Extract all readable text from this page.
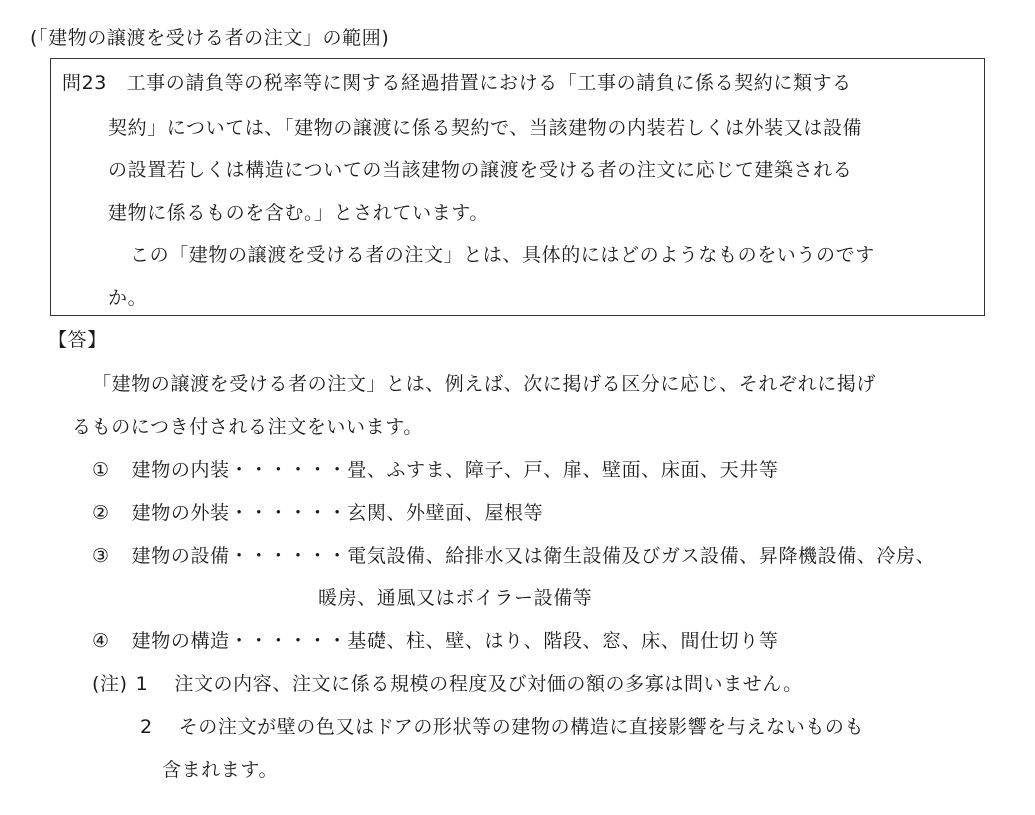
(「建物の譲渡を受ける者の注文」の範囲)
問23　工事の請負等の税率等に関する経過措置における「工事の請負に係る契約に類する
契約」については、「建物の譲渡に係る契約で、当該建物の内装若しくは外装又は設備
の設置若しくは構造についての当該建物の譲渡を受ける者の注文に応じて建築される
建物に係るものを含む。」とされています。
この「建物の譲渡を受ける者の注文」とは、具体的にはどのようなものをいうのです
か。
【答】
「建物の譲渡を受ける者の注文」とは、例えば、次に掲げる区分に応じ、それぞれに掲げ
るものにつき付される注文をいいます。
① 建物の内装・・・・・・畳、ふすま、障子、戸、扉、壁面、床面、天井等
② 建物の外装・・・・・・玄関、外壁面、屋根等
③ 建物の設備・・・・・・電気設備、給排水又は衛生設備及びガス設備、昇降機設備、冷房、
暖房、通風又はボイラー設備等
④ 建物の構造・・・・・・基礎、柱、壁、はり、階段、窓、床、間仕切り等
(注) 1 注文の内容、注文に係る規模の程度及び対価の額の多寡は問いません。
2 その注文が壁の色又はドアの形状等の建物の構造に直接影響を与えないものも
含まれます。
